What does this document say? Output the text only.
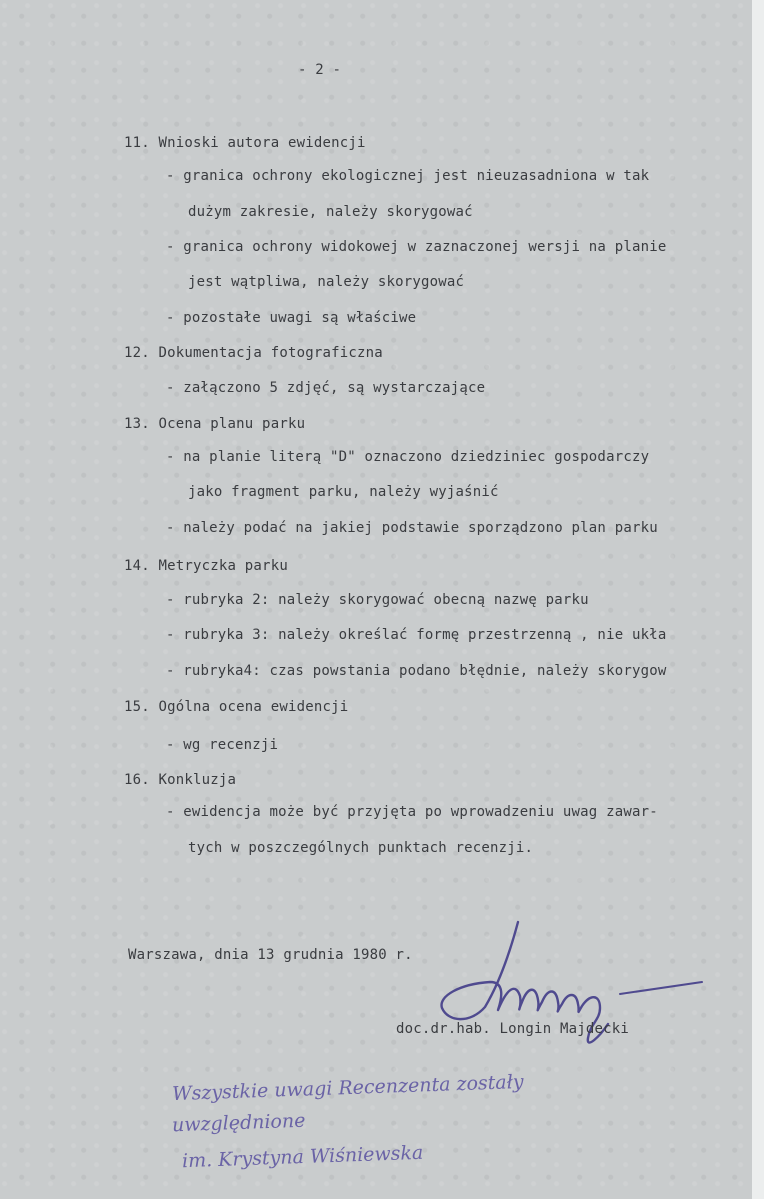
- 2 -
11. Wnioski autora ewidencji
- granica ochrony ekologicznej jest nieuzasadniona w tak
dużym zakresie, należy skorygować
- granica ochrony widokowej w zaznaczonej wersji na planie
jest wątpliwa, należy skorygować
- pozostałe uwagi są właściwe
12. Dokumentacja fotograficzna
- załączono 5 zdjęć, są wystarczające
13. Ocena planu parku
- na planie literą "D" oznaczono dziedziniec gospodarczy
jako fragment parku, należy wyjaśnić
- należy podać na jakiej podstawie sporządzono plan parku
14. Metryczka parku
- rubryka 2: należy skorygować obecną nazwę parku
- rubryka 3: należy określać formę przestrzenną , nie ukła
- rubryka4: czas powstania podano błędnie, należy skorygow
15. Ogólna ocena ewidencji
- wg recenzji
16. Konkluzja
- ewidencja może być przyjęta po wprowadzeniu uwag zawar-
tych w poszczególnych punktach recenzji.
Warszawa, dnia 13 grudnia 1980 r.
doc.dr.hab. Longin Majdecki
Wszystkie uwagi Recenzenta zostały
uwzględnione
im. Krystyna Wiśniewska
